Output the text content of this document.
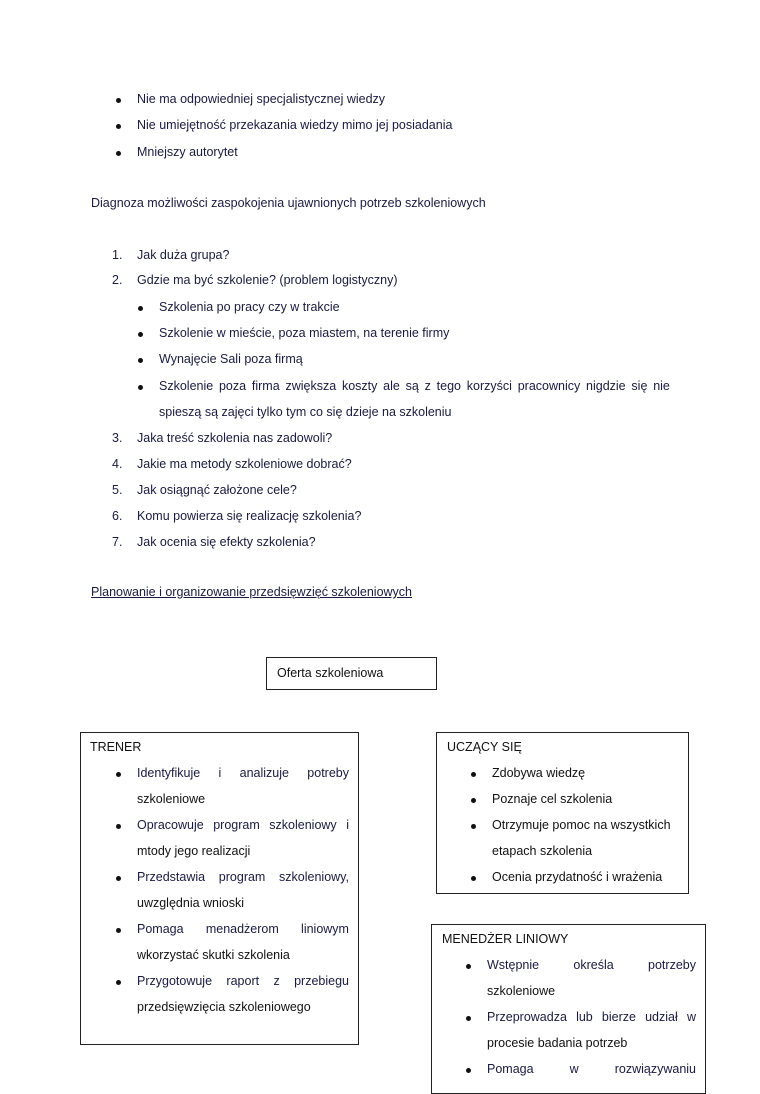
Nie ma odpowiedniej specjalistycznej wiedzy
Nie umiejętność przekazania wiedzy mimo jej posiadania
Mniejszy autorytet
Diagnoza możliwości zaspokojenia ujawnionych potrzeb szkoleniowych
1. Jak duża grupa?
2. Gdzie ma być szkolenie? (problem logistyczny)
Szkolenia po pracy czy w trakcie
Szkolenie w mieście, poza miastem, na terenie firmy
Wynajęcie Sali poza firmą
Szkolenie poza firma zwiększa koszty ale są z tego korzyści pracownicy nigdzie się nie
spieszą są zajęci tylko tym co się dzieje na szkoleniu
3. Jaka treść szkolenia nas zadowoli?
4. Jakie ma metody szkoleniowe dobrać?
5. Jak osiągnąć założone cele?
6. Komu powierza się realizację szkolenia?
7. Jak ocenia się efekty szkolenia?
Planowanie i organizowanie przedsięwzięć szkoleniowych
Oferta szkoleniowa
TRENER
Identyfikuje i analizuje potreby
szkoleniowe
Opracowuje program szkoleniowy i
mtody jego realizacji
Przedstawia program szkoleniowy,
uwzględnia wnioski
Pomaga menadżerom liniowym
wkorzystać skutki szkolenia
Przygotowuje raport z przebiegu
przedsięwzięcia szkoleniowego
UCZĄCY SIĘ
Zdobywa wiedzę
Poznaje cel szkolenia
Otrzymuje pomoc na wszystkich
etapach szkolenia
Ocenia przydatność i wrażenia
MENEDŻER LINIOWY
Wstępnie	określa	potrzeby
szkoleniowe
Przeprowadza lub bierze udział w
procesie badania potrzeb
Pomaga	w	rozwiązywaniu
